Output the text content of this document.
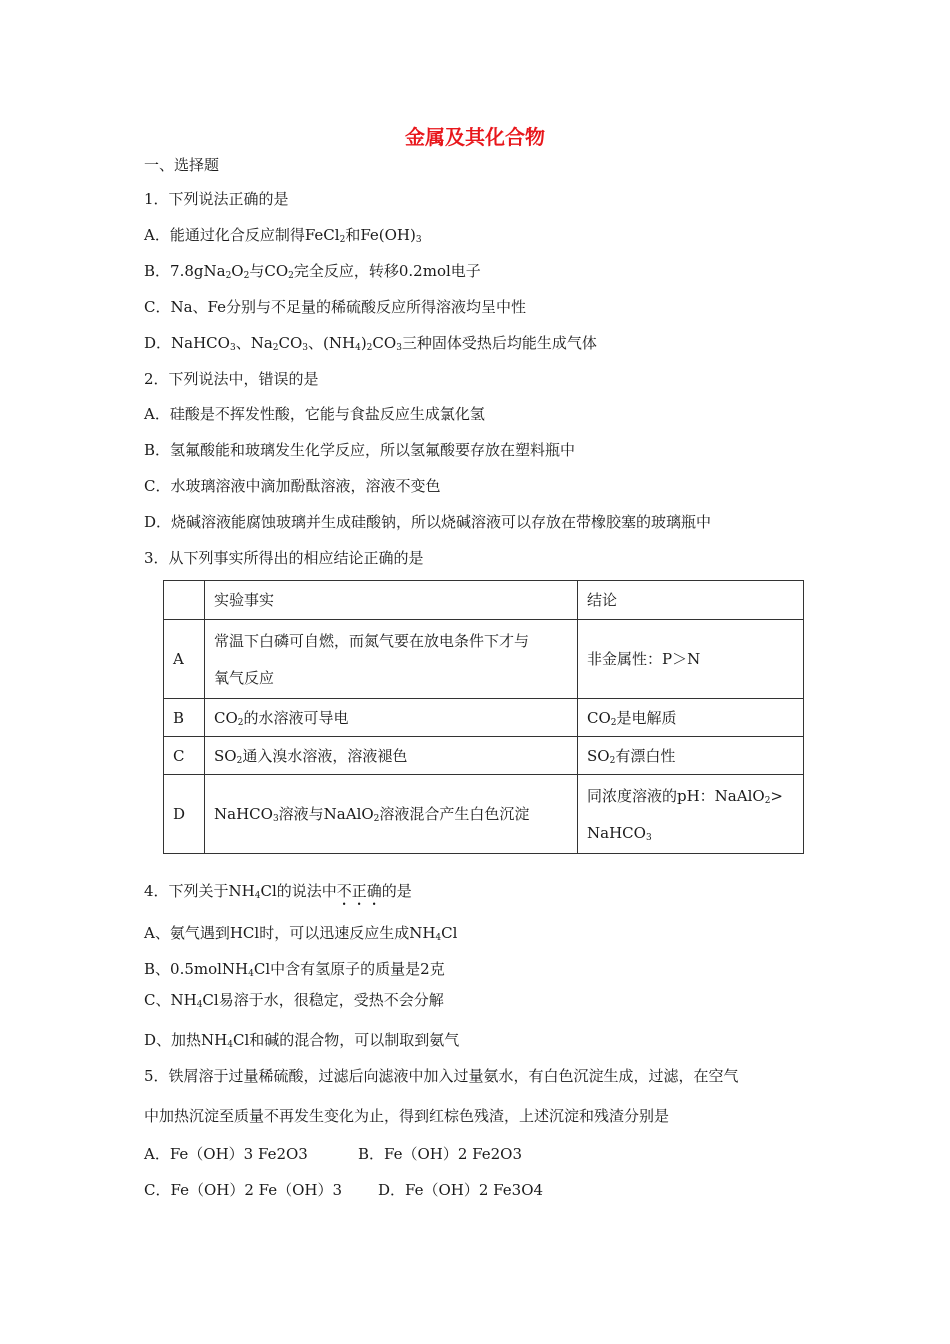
金属及其化合物
一、选择题
1．下列说法正确的是
A．能通过化合反应制得FeCl$_2$和$Fe(OH)_3$
B．$7.8gNa_2O_2$与$CO_2$完全反应，转移0.2mol电子
C．Na、Fe分别与不足量的稀硫酸反应所得溶液均呈中性
D．NaHCO$_3$、$Na_2CO_3$、$(NH_4)_2CO_3$三种固体受热后均能生成气体
2．下列说法中，错误的是
A．硅酸是不挥发性酸，它能与食盐反应生成氯化氢
B．氢氟酸能和玻璃发生化学反应，所以氢氟酸要存放在塑料瓶中
C．水玻璃溶液中滴加酚酞溶液，溶液不变色
D．烧碱溶液能腐蚀玻璃并生成硅酸钠，所以烧碱溶液可以存放在带橡胶塞的玻璃瓶中
3．从下列事实所得出的相应结论正确的是
	实验事实	结论
A	常温下白磷可自燃，而氮气要在放电条件下才与
氧气反应	非金属性：P＞N
B	$CO_2$的水溶液可导电	$CO_2$是电解质
C	$SO_2$通入溴水溶液，溶液褪色	$SO_2$有漂白性
D	NaHCO$_3$溶液与NaAlO$_2$溶液混合产生白色沉淀	同浓度溶液的pH：NaAlO$_2$>
NaHCO$_3$
4．下列关于$NH_4Cl$的说法中不正确的是
A、氨气遇到HCl时，可以迅速反应生成$NH_4Cl$
B、0.5molNH$_4$Cl中含有氢原子的质量是2克
C、$NH_4Cl$易溶于水，很稳定，受热不会分解
D、加热$NH_4Cl$和碱的混合物，可以制取到氨气
5．铁屑溶于过量稀硫酸，过滤后向滤液中加入过量氨水，有白色沉淀生成，过滤，在空气
中加热沉淀至质量不再发生变化为止，得到红棕色残渣，上述沉淀和残渣分别是
A．Fe（OH）3 Fe2O3	B．Fe（OH）2 Fe2O3
C．Fe（OH）2 Fe（OH）3 D．Fe（OH）2 Fe3O4
